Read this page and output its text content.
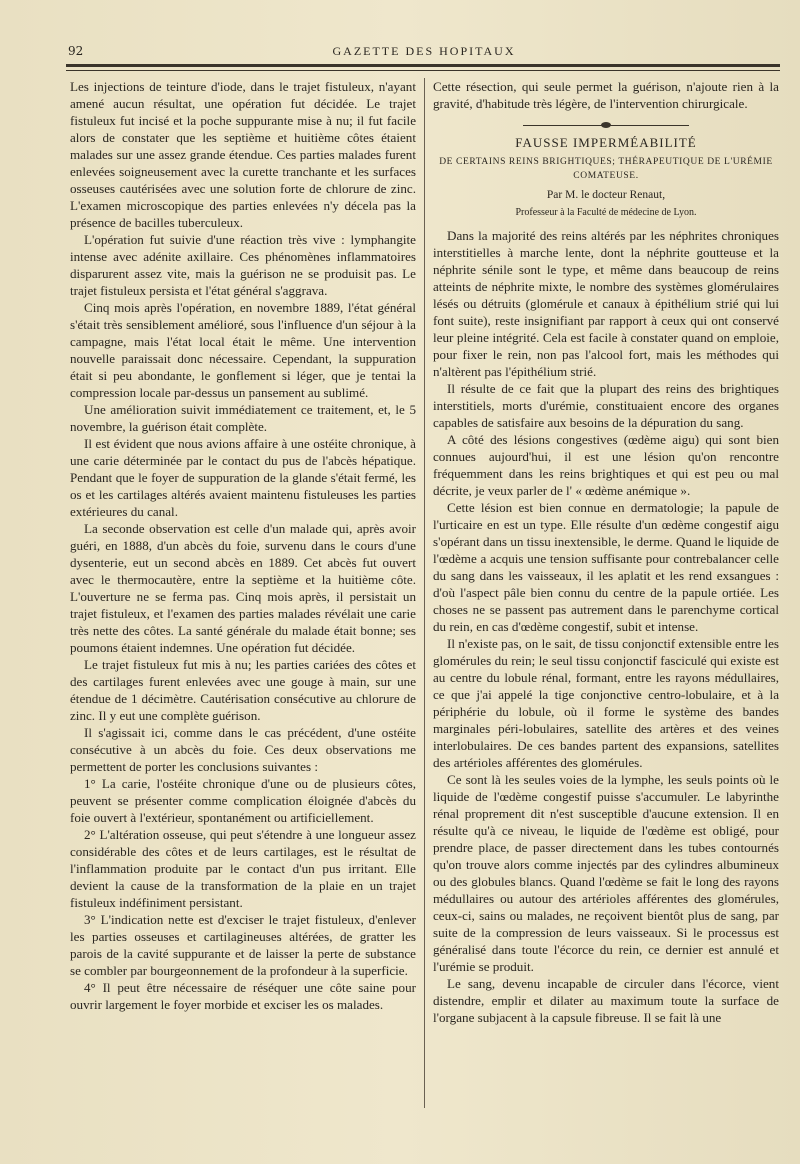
92	GAZETTE DES HOPITAUX

Les injections de teinture d'iode, dans le trajet fistuleux, n'ayant amené aucun résultat, une opération fut décidée. Le trajet fistuleux fut incisé et la poche suppurante mise à nu; il fut facile alors de constater que les septième et huitième côtes étaient malades sur une assez grande étendue. Ces parties malades furent enlevées soigneusement avec la curette tranchante et les surfaces osseuses cautérisées avec une solution forte de chlorure de zinc. L'examen microscopique des parties enlevées n'y décela pas la présence de bacilles tuberculeux.

L'opération fut suivie d'une réaction très vive : lymphangite intense avec adénite axillaire. Ces phénomènes inflammatoires disparurent assez vite, mais la guérison ne se produisit pas. Le trajet fistuleux persista et l'état général s'aggrava.

Cinq mois après l'opération, en novembre 1889, l'état général s'était très sensiblement amélioré, sous l'influence d'un séjour à la campagne, mais l'état local était le même. Une intervention nouvelle paraissait donc nécessaire. Cependant, la suppuration était si peu abondante, le gonflement si léger, que je tentai la compression locale par-dessus un pansement au sublimé.

Une amélioration suivit immédiatement ce traitement, et, le 5 novembre, la guérison était complète.

Il est évident que nous avions affaire à une ostéite chronique, à une carie déterminée par le contact du pus de l'abcès hépatique. Pendant que le foyer de suppuration de la glande s'était fermé, les os et les cartilages altérés avaient maintenu fistuleuses les parties extérieures du canal.

La seconde observation est celle d'un malade qui, après avoir guéri, en 1888, d'un abcès du foie, survenu dans le cours d'une dysenterie, eut un second abcès en 1889. Cet abcès fut ouvert avec le thermocautère, entre la septième et la huitième côte. L'ouverture ne se ferma pas. Cinq mois après, il persistait un trajet fistuleux, et l'examen des parties malades révélait une carie très nette des côtes. La santé générale du malade était bonne; ses poumons étaient indemnes. Une opération fut décidée.

Le trajet fistuleux fut mis à nu; les parties cariées des côtes et des cartilages furent enlevées avec une gouge à main, sur une étendue de 1 décimètre. Cautérisation consécutive au chlorure de zinc. Il y eut une complète guérison.

Il s'agissait ici, comme dans le cas précédent, d'une ostéite consécutive à un abcès du foie. Ces deux observations me permettent de porter les conclusions suivantes :

1° La carie, l'ostéite chronique d'une ou de plusieurs côtes, peuvent se présenter comme complication éloignée d'abcès du foie ouvert à l'extérieur, spontanément ou artificiellement.

2° L'altération osseuse, qui peut s'étendre à une longueur assez considérable des côtes et de leurs cartilages, est le résultat de l'inflammation produite par le contact d'un pus irritant. Elle devient la cause de la transformation de la plaie en un trajet fistuleux indéfiniment persistant.

3° L'indication nette est d'exciser le trajet fistuleux, d'enlever les parties osseuses et cartilagineuses altérées, de gratter les parois de la cavité suppurante et de laisser la perte de substance se combler par bourgeonnement de la profondeur à la superficie.

4° Il peut être nécessaire de réséquer une côte saine pour ouvrir largement le foyer morbide et exciser les os malades.

Cette résection, qui seule permet la guérison, n'ajoute rien à la gravité, d'habitude très légère, de l'intervention chirurgicale.

FAUSSE IMPERMÉABILITÉ
DE CERTAINS REINS BRIGHTIQUES; THÉRAPEUTIQUE DE L'URÉMIE COMATEUSE.
Par M. le docteur Renaut,
Professeur à la Faculté de médecine de Lyon.

Dans la majorité des reins altérés par les néphrites chroniques interstitielles à marche lente, dont la néphrite goutteuse et la néphrite sénile sont le type, et même dans beaucoup de reins atteints de néphrite mixte, le nombre des systèmes glomérulaires lésés ou détruits (glomérule et canaux à épithélium strié qui lui font suite), reste insignifiant par rapport à ceux qui ont conservé leur pleine intégrité. Cela est facile à constater quand on emploie, pour fixer le rein, non pas l'alcool fort, mais les méthodes qui n'altèrent pas l'épithélium strié.

Il résulte de ce fait que la plupart des reins des brightiques interstitiels, morts d'urémie, constituaient encore des organes capables de satisfaire aux besoins de la dépuration du sang.

A côté des lésions congestives (œdème aigu) qui sont bien connues aujourd'hui, il est une lésion qu'on rencontre fréquemment dans les reins brightiques et qui est peu ou mal décrite, je veux parler de l' « œdème anémique ».

Cette lésion est bien connue en dermatologie; la papule de l'urticaire en est un type. Elle résulte d'un œdème congestif aigu s'opérant dans un tissu inextensible, le derme. Quand le liquide de l'œdème a acquis une tension suffisante pour contrebalancer celle du sang dans les vaisseaux, il les aplatit et les rend exsangues : d'où l'aspect pâle bien connu du centre de la papule ortiée. Les choses ne se passent pas autrement dans le parenchyme cortical du rein, en cas d'œdème congestif, subit et intense.

Il n'existe pas, on le sait, de tissu conjonctif extensible entre les glomérules du rein; le seul tissu conjonctif fasciculé qui existe est au centre du lobule rénal, formant, entre les rayons médullaires, ce que j'ai appelé la tige conjonctive centro-lobulaire, et à la périphérie du lobule, où il forme le système des bandes marginales péri-lobulaires, satellite des artères et des veines interlobulaires. De ces bandes partent des expansions, satellites des artérioles afférentes des glomérules.

Ce sont là les seules voies de la lymphe, les seuls points où le liquide de l'œdème congestif puisse s'accumuler. Le labyrinthe rénal proprement dit n'est susceptible d'aucune extension. Il en résulte qu'à ce niveau, le liquide de l'œdème est obligé, pour prendre place, de passer directement dans les tubes contournés qu'on trouve alors comme injectés par des cylindres albumineux ou des globules blancs. Quand l'œdème se fait le long des rayons médullaires ou autour des artérioles afférentes des glomérules, ceux-ci, sains ou malades, ne reçoivent bientôt plus de sang, par suite de la compression de leurs vaisseaux. Si le processus est généralisé dans toute l'écorce du rein, ce dernier est annulé et l'urémie se produit.

Le sang, devenu incapable de circuler dans l'écorce, vient distendre, emplir et dilater au maximum toute la surface de l'organe subjacent à la capsule fibreuse. Il se fait là une
